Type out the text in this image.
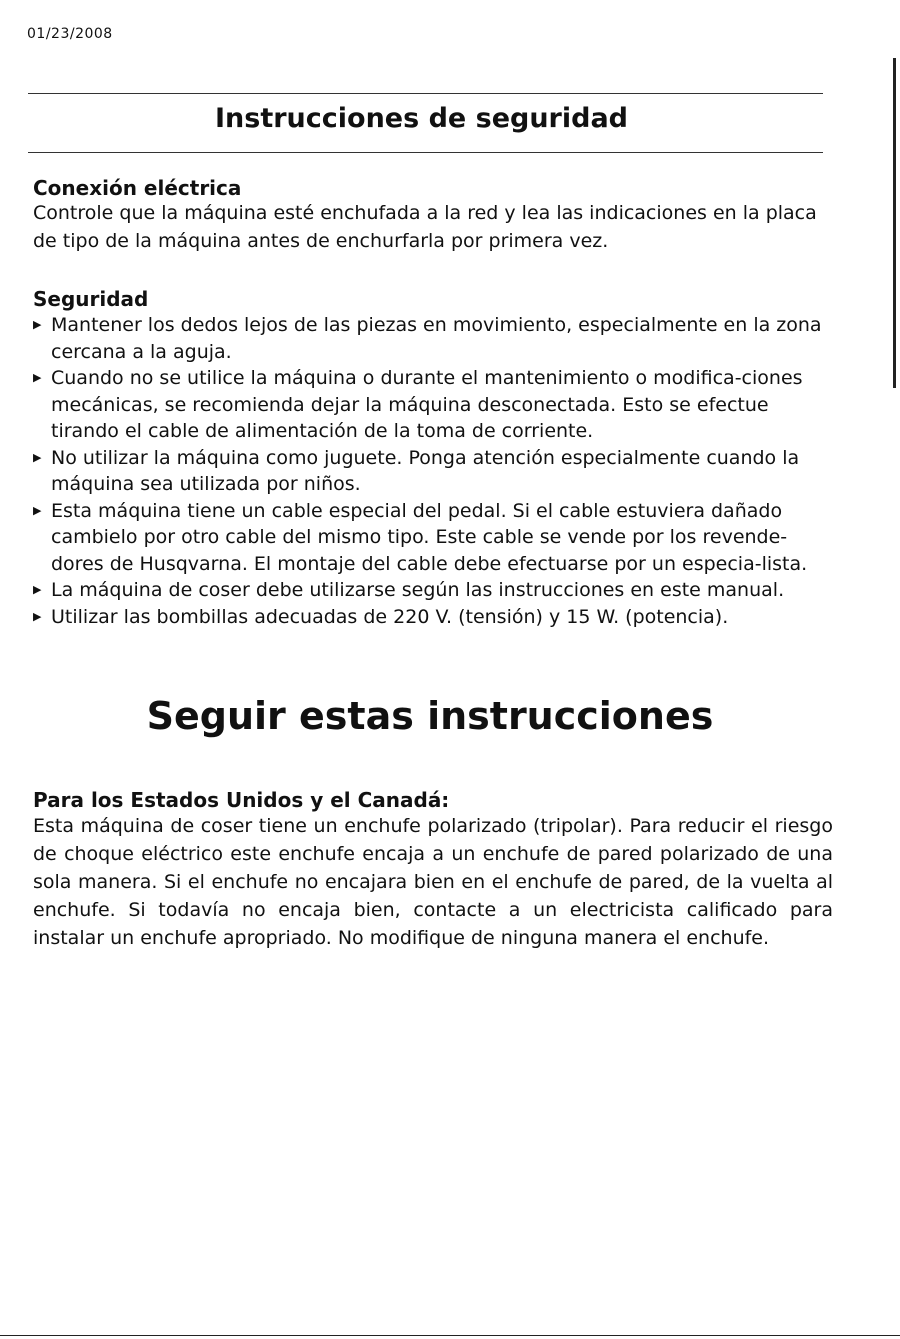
01/23/2008
Instrucciones de seguridad
Conexión eléctrica
Controle que la máquina esté enchufada a la red y lea las indicaciones en la placa de tipo de la máquina antes de enchurfarla por primera vez.
Seguridad
▶ Mantener los dedos lejos de las piezas en movimiento, especialmente en la zona cercana a la aguja.
▶ Cuando no se utilice la máquina o durante el mantenimiento o modifica-ciones mecánicas, se recomienda dejar la máquina desconectada. Esto se efectue tirando el cable de alimentación de la toma de corriente.
▶ No utilizar la máquina como juguete. Ponga atención especialmente cuando la máquina sea utilizada por niños.
▶ Esta máquina tiene un cable especial del pedal. Si el cable estuviera dañado cambielo por otro cable del mismo tipo. Este cable se vende por los revende-dores de Husqvarna. El montaje del cable debe efectuarse por un especia-lista.
▶ La máquina de coser debe utilizarse según las instrucciones en este manual.
▶ Utilizar las bombillas adecuadas de 220 V. (tensión) y 15 W. (potencia).
Seguir estas instrucciones
Para los Estados Unidos y el Canadá:
Esta máquina de coser tiene un enchufe polarizado (tripolar). Para reducir el riesgo de choque eléctrico este enchufe encaja a un enchufe de pared polarizado de una sola manera. Si el enchufe no encajara bien en el enchufe de pared, de la vuelta al enchufe. Si todavía no encaja bien, contacte a un electricista calificado para instalar un enchufe apropriado. No modifique de ninguna manera el enchufe.
